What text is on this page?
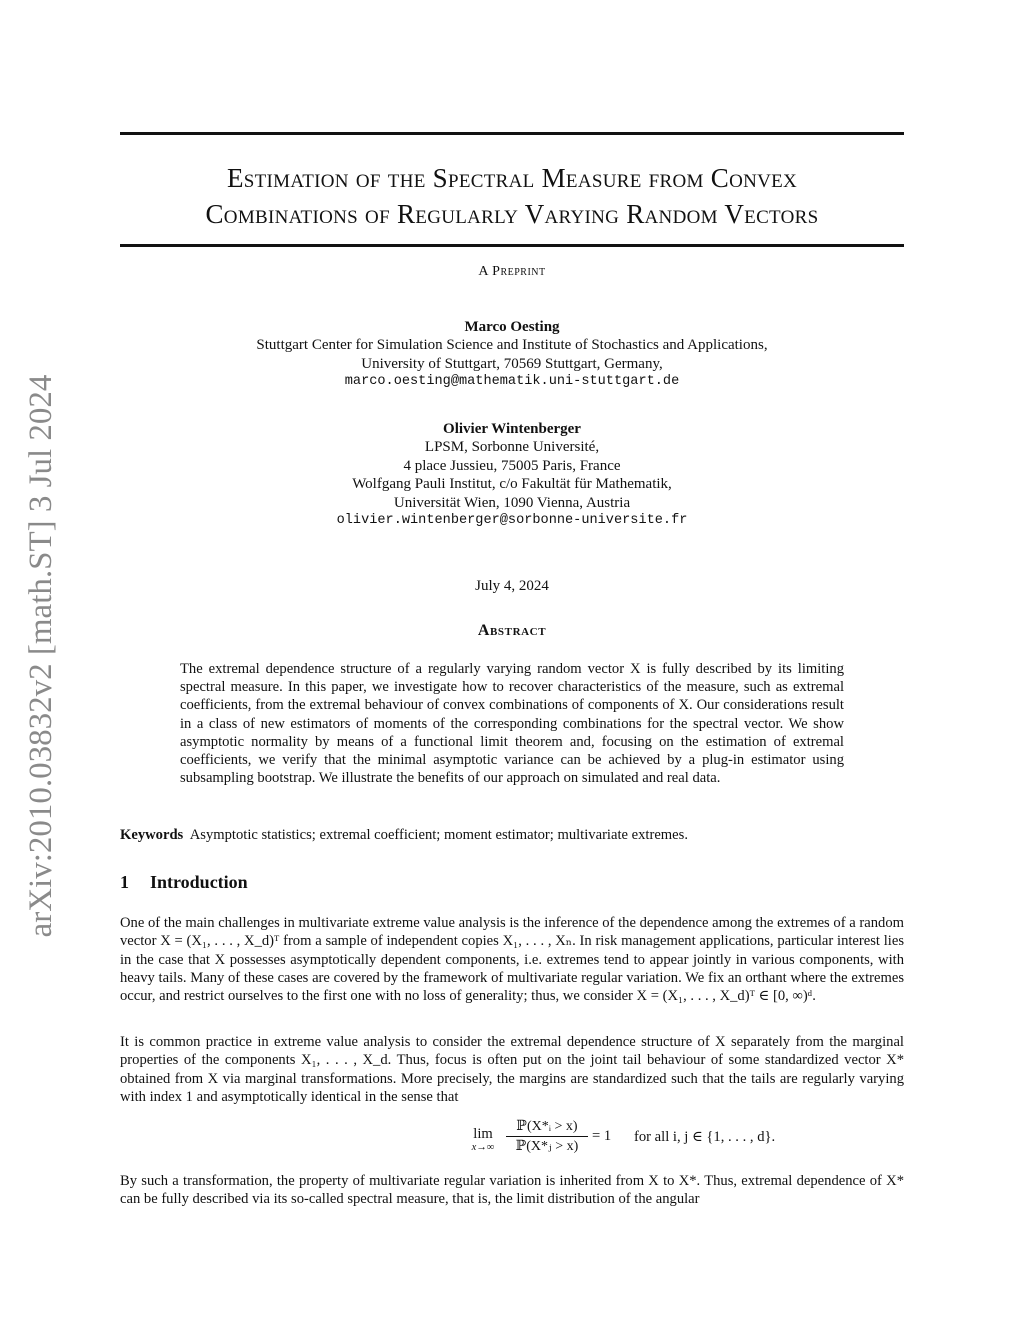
arXiv:2010.03832v2 [math.ST] 3 Jul 2024
Estimation of the Spectral Measure from Convex
Combinations of Regularly Varying Random Vectors
A Preprint
Marco Oesting
Stuttgart Center for Simulation Science and Institute of Stochastics and Applications,
University of Stuttgart, 70569 Stuttgart, Germany,
marco.oesting@mathematik.uni-stuttgart.de
Olivier Wintenberger
LPSM, Sorbonne Université,
4 place Jussieu, 75005 Paris, France
Wolfgang Pauli Institut, c/o Fakultät für Mathematik,
Universität Wien, 1090 Vienna, Austria
olivier.wintenberger@sorbonne-universite.fr
July 4, 2024
Abstract
The extremal dependence structure of a regularly varying random vector X is fully described by its limiting spectral measure. In this paper, we investigate how to recover characteristics of the measure, such as extremal coefficients, from the extremal behaviour of convex combinations of components of X. Our considerations result in a class of new estimators of moments of the corresponding combinations for the spectral vector. We show asymptotic normality by means of a functional limit theorem and, focusing on the estimation of extremal coefficients, we verify that the minimal asymptotic variance can be achieved by a plug-in estimator using subsampling bootstrap. We illustrate the benefits of our approach on simulated and real data.
Keywords Asymptotic statistics; extremal coefficient; moment estimator; multivariate extremes.
1 Introduction
One of the main challenges in multivariate extreme value analysis is the inference of the dependence among the extremes of a random vector X = (X₁, . . . , X_d)ᵀ from a sample of independent copies X₁, . . . , Xₙ. In risk management applications, particular interest lies in the case that X possesses asymptotically dependent components, i.e. extremes tend to appear jointly in various components, with heavy tails. Many of these cases are covered by the framework of multivariate regular variation. We fix an orthant where the extremes occur, and restrict ourselves to the first one with no loss of generality; thus, we consider X = (X₁, . . . , X_d)ᵀ ∈ [0, ∞)ᵈ.
It is common practice in extreme value analysis to consider the extremal dependence structure of X separately from the marginal properties of the components X₁, . . . , X_d. Thus, focus is often put on the joint tail behaviour of some standardized vector X* obtained from X via marginal transformations. More precisely, the margins are standardized such that the tails are regularly varying with index 1 and asymptotically identical in the sense that
lim
x→∞
ℙ(X*ᵢ > x)
ℙ(X*ⱼ > x)
= 1 for all i, j ∈ {1, . . . , d}.
By such a transformation, the property of multivariate regular variation is inherited from X to X*. Thus, extremal dependence of X* can be fully described via its so-called spectral measure, that is, the limit distribution of the angular
